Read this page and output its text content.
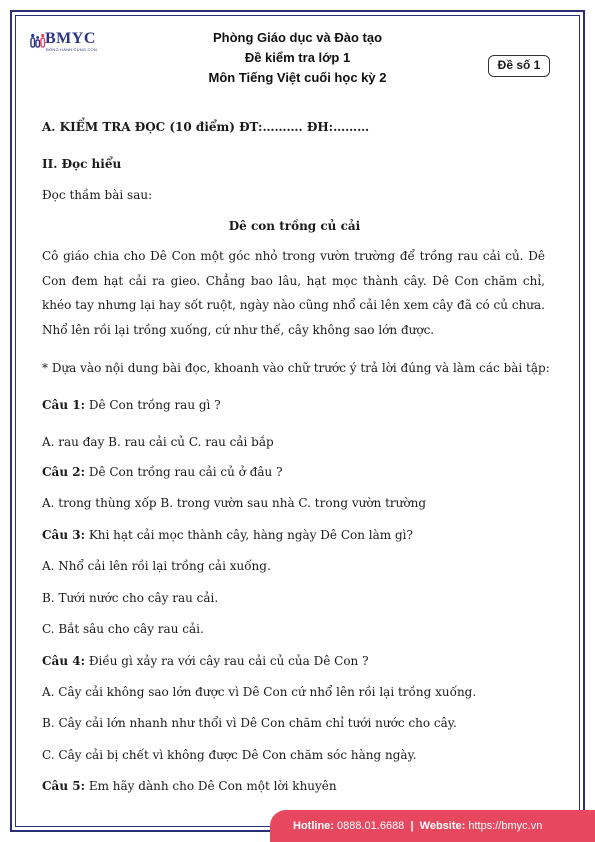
BMYC
ĐỒNG HÀNH CÙNG CON
Phòng Giáo dục và Đào tạo
Đề kiểm tra lớp 1
Môn Tiếng Việt cuối học kỳ 2
Đề số 1
A. KIỂM TRA ĐỌC (10 điểm) ĐT:………. ĐH:………
II. Đọc hiểu
Đọc thầm bài sau:
Dê con trồng củ cải
Cô giáo chia cho Dê Con một góc nhỏ trong vườn trường để trồng rau cải củ. Dê Con đem hạt cải ra gieo. Chẳng bao lâu, hạt mọc thành cây. Dê Con chăm chỉ, khéo tay nhưng lại hay sốt ruột, ngày nào cũng nhổ cải lên xem cây đã có củ chưa. Nhổ lên rồi lại trồng xuống, cứ như thế, cây không sao lớn được.
* Dựa vào nội dung bài đọc, khoanh vào chữ trước ý trả lời đúng và làm các bài tập:
Câu 1: Dê Con trồng rau gì ?
A. rau đay B. rau cải củ C. rau cải bắp
Câu 2: Dê Con trồng rau cải củ ở đâu ?
A. trong thùng xốp B. trong vườn sau nhà C. trong vườn trường
Câu 3: Khi hạt cải mọc thành cây, hàng ngày Dê Con làm gì?
A. Nhổ cải lên rồi lại trồng cải xuống.
B. Tưới nước cho cây rau cải.
C. Bắt sâu cho cây rau cải.
Câu 4: Điều gì xảy ra với cây rau cải củ của Dê Con ?
A. Cây cải không sao lớn được vì Dê Con cứ nhổ lên rồi lại trồng xuống.
B. Cây cải lớn nhanh như thổi vì Dê Con chăm chỉ tưới nước cho cây.
C. Cây cải bị chết vì không được Dê Con chăm sóc hàng ngày.
Câu 5: Em hãy dành cho Dê Con một lời khuyên
Hotline: 0888.01.6688 | Website: https://bmyc.vn
